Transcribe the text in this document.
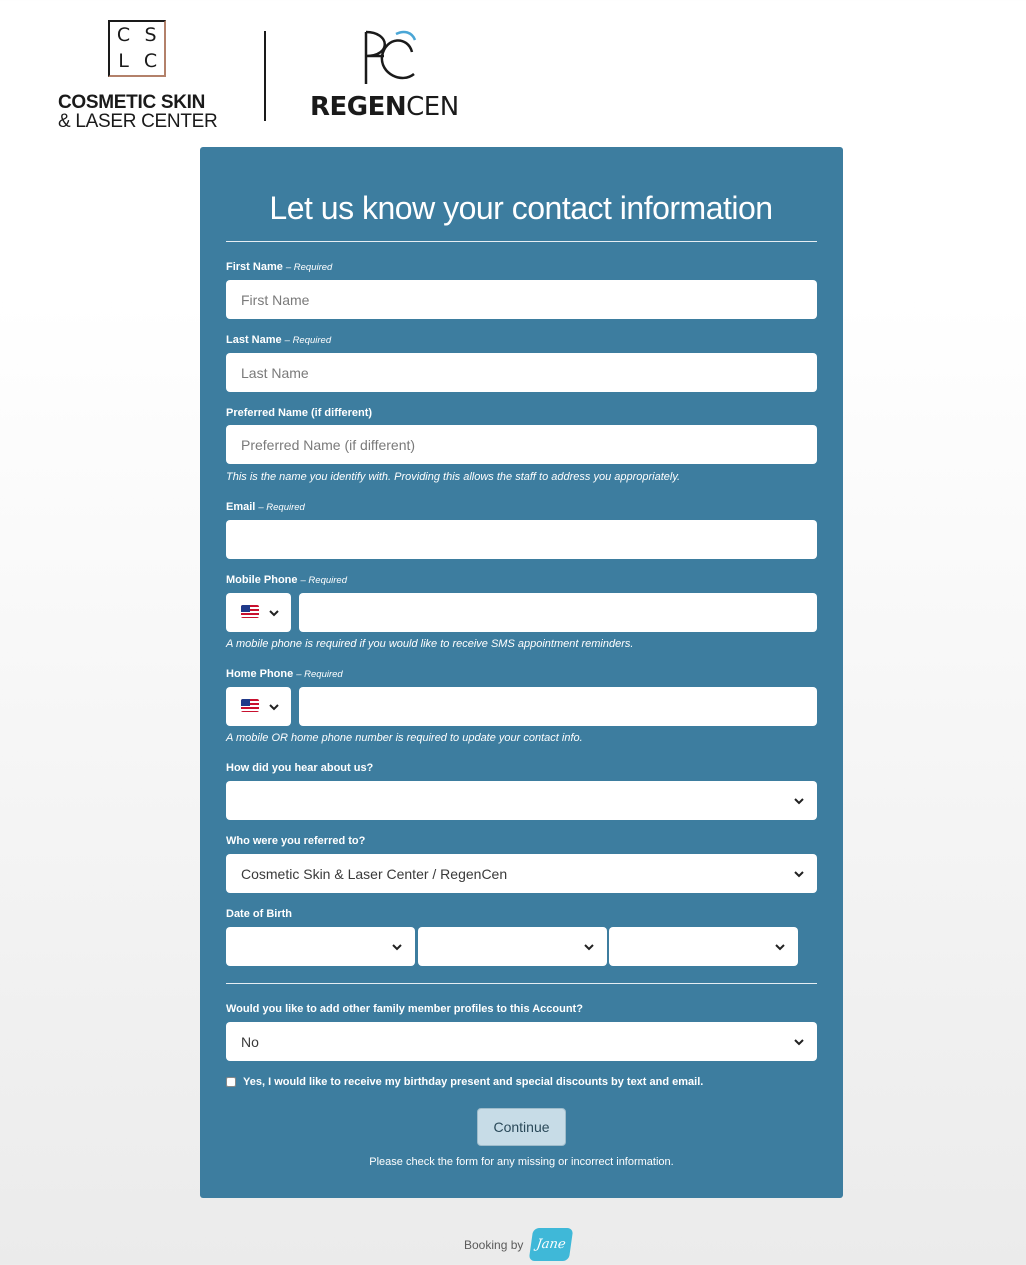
C S
L C
COSMETIC SKIN
& LASER CENTER	REGENCEN
Let us know your contact information
First Name – Required
First Name
Last Name – Required
Last Name
Preferred Name (if different)
Preferred Name (if different)
This is the name you identify with. Providing this allows the staff to address you appropriately.
Email – Required
Mobile Phone – Required
A mobile phone is required if you would like to receive SMS appointment reminders.
Home Phone – Required
A mobile OR home phone number is required to update your contact info.
How did you hear about us?
Who were you referred to?
Cosmetic Skin & Laser Center / RegenCen
Date of Birth
Would you like to add other family member profiles to this Account?
No
Yes, I would like to receive my birthday present and special discounts by text and email.
Continue
Please check the form for any missing or incorrect information.
Booking by Jane
